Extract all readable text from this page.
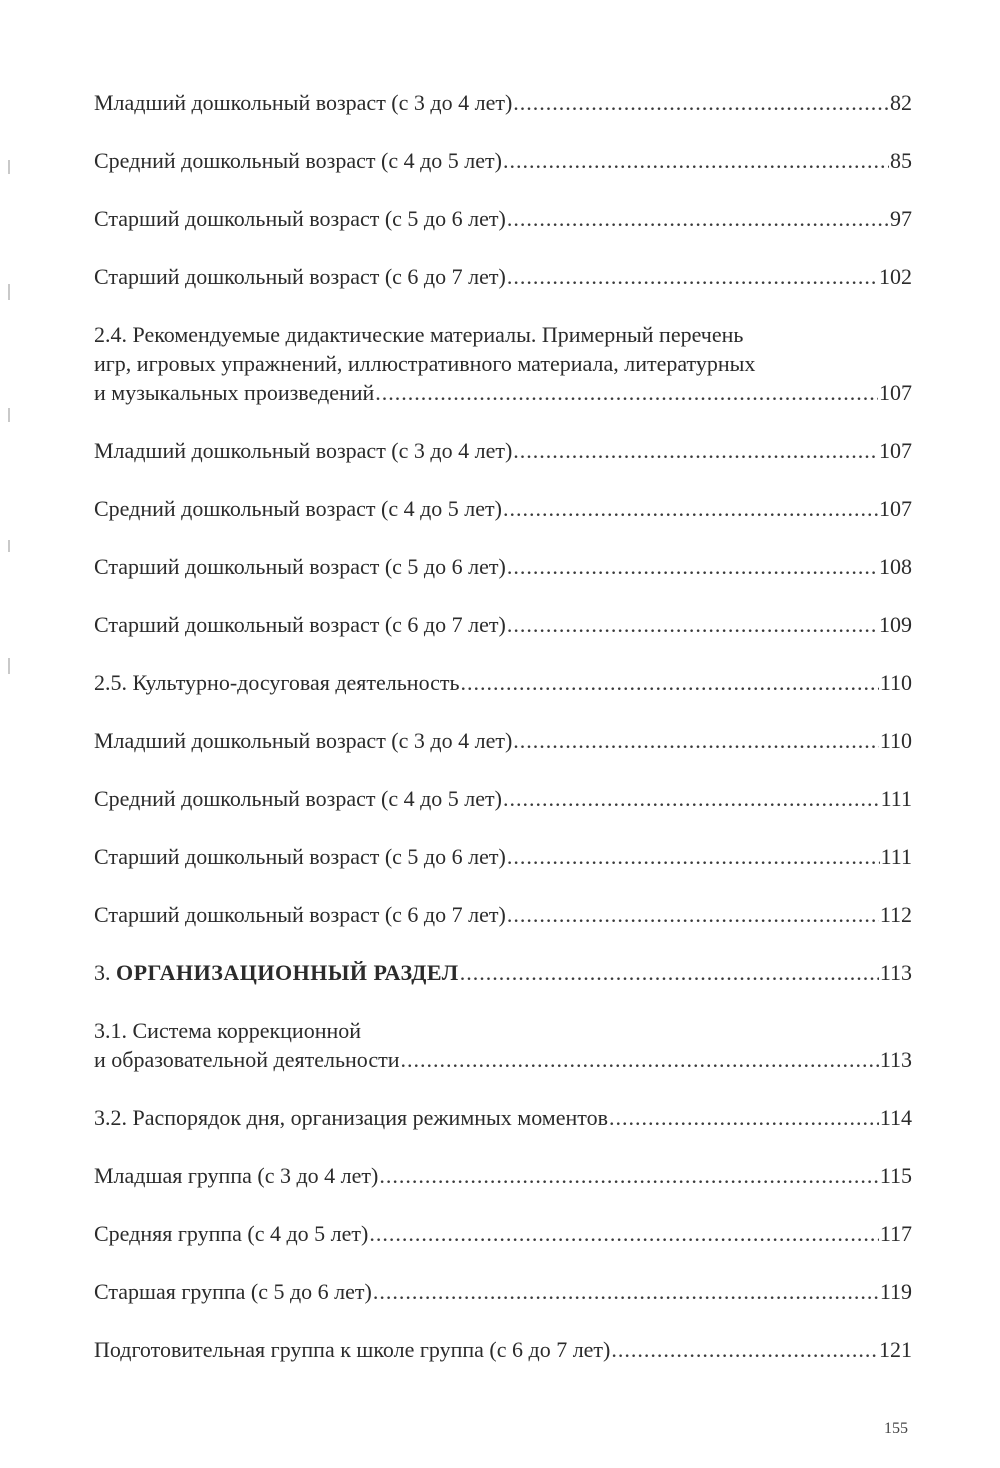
Младший дошкольный возраст (с 3 до 4 лет) .....	82
Средний дошкольный возраст (с 4 до 5 лет) .....	85
Старший дошкольный возраст (с 5 до 6 лет) .....	97
Старший дошкольный возраст (с 6 до 7 лет) .....	102
2.4. Рекомендуемые дидактические материалы. Примерный перечень
игр, игровых упражнений, иллюстративного материала, литературных
и музыкальных произведений .....	107
Младший дошкольный возраст (с 3 до 4 лет) .....	107
Средний дошкольный возраст (с 4 до 5 лет) .....	107
Старший дошкольный возраст (с 5 до 6 лет) .....	108
Старший дошкольный возраст (с 6 до 7 лет) .....	109
2.5. Культурно-досуговая деятельность .....	110
Младший дошкольный возраст (с 3 до 4 лет) .....	110
Средний дошкольный возраст (с 4 до 5 лет) .....	111
Старший дошкольный возраст (с 5 до 6 лет) .....	111
Старший дошкольный возраст (с 6 до 7 лет) .....	112
3. ОРГАНИЗАЦИОННЫЙ РАЗДЕЛ .....	113
3.1. Система коррекционной
и образовательной деятельности .....	113
3.2. Распорядок дня, организация режимных моментов .....	114
Младшая группа (с 3 до 4 лет) .....	115
Средняя группа (с 4 до 5 лет) .....	117
Старшая группа (с 5 до 6 лет) .....	119
Подготовительная группа к школе группа (с 6 до 7 лет) .....	121
155
